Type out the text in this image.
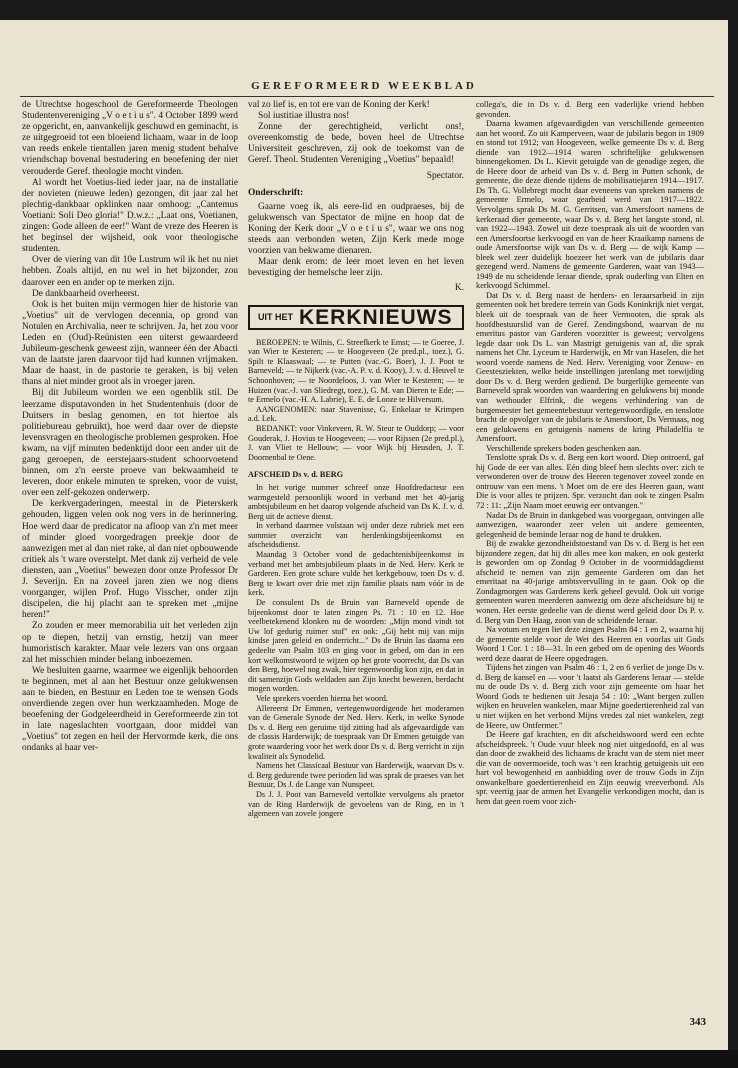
GEREFORMEERD WEEKBLAD

de Utrechtse hogeschool de Gereformeerde Theologen Studentenvereniging „V o e t i u s". 4 October 1899 werd ze opgericht, en, aanvankelijk geschuwd en geminacht, is ze uitgegroeid tot een bloeiend lichaam, waar in de loop van reeds enkele tientallen jaren menig student behalve vriendschap bovenal bestudering en beoefening der niet verouderde Geref. theologie mocht vinden.

Al wordt het Voetius-lied ieder jaar, na de installatie der novieten (nieuwe leden) gezongen, dit jaar zal het plechtig-dankbaar opklinken naar omhoog: „Cantemus Voetiani: Soli Deo gloria!" D.w.z.: „Laat ons, Voetianen, zingen: Gode alleen de eer!" Want de vreze des Heeren is het beginsel der wijsheid, ook voor theologische studenten.

Over de viering van dit 10e Lustrum wil ik het nu niet hebben. Zoals altijd, en nu wel in het bijzonder, zou daarover een en ander op te merken zijn.

De dankbaarheid overheerst.

Ook is het buiten mijn vermogen hier de historie van „Voetius" uit de vervlogen decennia, op grond van Notulen en Archivalia, neer te schrijven. Ja, het zou voor Leden en (Oud)-Reünisten een uiterst gewaardeerd Jubileum-geschenk geweest zijn, wanneer één der Abacti van de laatste jaren daarvoor tijd had kunnen vrijmaken. Maar de haast, in de pastorie te geraken, is bij velen thans al niet minder groot als in vroeger jaren.

Bij dit Jubileum worden we een ogenblik stil. De leerzame disputavonden in het Studentenhuis (door de Duitsers in beslag genomen, en tot hiertoe als politiebureau gebruikt), hoe werd daar over de diepste levensvragen en theologische problemen gesproken. Hoe kwam, na vijf minuten bedenktijd door een ander uit de gang geroepen, de eerstejaars-student schoorvoetend binnen, om z'n eerste proeve van bekwaamheid te leveren, door enkele minuten te spreken, voor de vuist, over een zelf-gekozen onderwerp.

De kerkvergaderingen, meestal in de Pieterskerk gehouden, liggen velen ook nog vers in de herinnering. Hoe werd daar de predicator na afloop van z'n met meer of minder gloed voorgedragen preekje door de aanwezigen met al dan niet rake, al dan niet opbouwende critiek als 't ware overstelpt. Met dank zij verheid de vele diensten, aan „Voetius" bewezen door onze Professor Dr J. Severijn. En na zoveel jaren zien we nog diens voorganger, wijlen Prof. Hugo Visscher, onder zijn discipelen, die hij placht aan te spreken met „mijne heren!"

Zo zouden er meer memorabilia uit het verleden zijn op te diepen, hetzij van ernstig, hetzij van meer humoristisch karakter. Maar vele lezers van ons orgaan zal het misschien minder belang inboezemen.

We besluiten gaarne, waarmee we eigenlijk behoorden te beginnen, met al aan het Bestuur onze gelukwensen aan te bieden, en Bestuur en Leden toe te wensen Gods onverdiende zegen over hun werkzaamheden. Moge de beoefening der Godgeleerdheid in Gereformeerde zin tot in late nageslachten voortgaan, door middel van „Voetius" tot zegen en heil der Hervormde kerk, die ons ondanks al haar ver-

val zo lief is, en tot ere van de Koning der Kerk!

Sol iustitiae illustra nos!

Zonne der gerechtigheid, verlicht ons!, overeenkomstig de bede, boven heel de Utrechtse Universiteit geschreven, zij ook de toekomst van de Geref. Theol. Studenten Vereniging „Voetius" bepaald!

Spectator.

Onderschrift:

Gaarne voeg ik, als eere-lid en oudpraeses, bij de gelukwensch van Spectator de mijne en hoop dat de Koning der Kerk door „V o e t i u s", waar we ons nog steeds aan verbonden weten, Zijn Kerk mede moge voorzien van bekwame dienaren.

Maar denk erom: de leer moet leven en het leven bevestiging der hemelsche leer zijn.

K.

UIT HET KERKNIEUWS

BEROEPEN: te Wilnis, C. Streefkerk te Emst; — te Goeree, J. van Wier te Kesteren; — te Hoogeveen (2e pred.pl., toez.), G. Spilt te Klaaswaal; — te Putten (vac.-G. Boer), J. J. Poot te Barneveld; — te Nijkerk (vac.-A. P. v. d. Kooy), J. v. d. Heuvel te Schoonhoven; — te Noordeloos, J. van Wier te Kesteren; — te Huizen (vac.-J. van Sliedregt, toez.), G. M. van Dieren te Ede; — te Ermelo (vac.-H. A. Labrie), E. E. de Looze te Hilversum.

AANGENOMEN: naar Stavenisse, G. Enkelaar te Krimpen a.d. Lek.

BEDANKT: voor Vinkeveen, R. W. Steur te Ouddorp; — voor Gouderak, J. Hovius te Hoogeveen; — voor Rijssen (2e pred.pl.), J. van Vliet te Hellouw; — voor Wijk bij Heusden, J. T. Doornenbal te Oene.

AFSCHEID Ds v. d. BERG

In het vorige nummer schreef onze Hoofdredacteur een warmgesteld persoonlijk woord in verband met het 40-jarig ambtsjubileum en het daarop volgende afscheid van Ds K. J. v. d. Berg uit de actieve dienst.

In verband daarmee volstaan wij onder deze rubriek met een summier overzicht van herdenkingsbijeenkomst en afscheidsdienst.

Maandag 3 October vond de gedachtenisbijeenkomst in verband met het ambtsjubileum plaats in de Ned. Herv. Kerk te Garderen. Een grote schare vulde het kerkgebouw, toen Ds v. d. Berg te kwart over drie met zijn familie plaats nam vóór in de kerk.

De consulent Ds de Bruin van Barneveld opende de bijeenkomst door te laten zingen Ps. 71 : 10 en 12. Hoe veelbetekenend klonken nu de woorden: „Mijn mond vindt tot Uw lof gedurig ruimer stof" en ook: „Gij hebt mij van mijn kindse jaren geleid en onderricht..." Ds de Bruin las daarna een gedeelte van Psalm 103 en ging voor in gebed, om dan in een kort welkomstwoord te wijzen op het grote voorrecht, dat Ds van den Berg, hoewel nog zwak, hier tegenwoordig kon zijn, en dat in dit samenzijn Gods weldaden aan Zijn knecht bewezen, herdacht mogen worden.

Vele sprekers voerden hierna het woord.

Allereerst Dr Emmen, vertegenwoordigende het moderamen van de Generale Synode der Ned. Herv. Kerk, in welke Synode Ds v. d. Berg een geruime tijd zitting had als afgevaardigde van de classis Harderwijk; de toespraak van Dr Emmen getuigde van grote waardering voor het werk door Ds v. d. Berg verricht in zijn kwaliteit als Synodelid.

Namens het Classicaal Bestuur van Harderwijk, waarvan Ds v. d. Berg gedurende twee perioden lid was sprak de praeses van het Bestuur, Ds J. de Lange van Nunspeet.

Ds J. J. Poot van Barneveld vertolkte vervolgens als praetor van de Ring Harderwijk de gevoelens van de Ring, en in 't algemeen van zovele jongere

collega's, die in Ds v. d. Berg een vaderlijke vriend hebben gevonden.

Daarna kwamen afgevaardigden van verschillende gemeenten aan het woord. Zo uit Kamperveen, waar de jubilaris begon in 1909 en stond tot 1912; van Hoogeveen, welke gemeente Ds v. d. Berg diende van 1912—1914 waren schriftelijke gelukwensen binnengekomen. Ds L. Kievit getuigde van de genadige zegen, die de Heere door de arbeid van Ds v. d. Berg in Putten schonk, de gemeente, die deze diende tijdens de mobilisatiejaren 1914—1917. Ds Th. G. Vollebregt mocht daar eveneens van spreken namens de gemeente Ermelo, waar gearbeid werd van 1917—1922. Vervolgens sprak Ds M. G. Gerritsen, van Amersfoort namens de kerkeraad dier gemeente, waar Ds v. d. Berg het langste stond, nl. van 1922—1943. Zowel uit deze toespraak als uit de woorden van een Amersfoortse kerkvoogd en van de heer Kraaikamp namens de oude Amersfoortse wijk van Ds v. d. Berg — de wijk Kamp — bleek wel zeer duidelijk hoezeer het werk van de jubilaris daar gezegend werd. Namens de gemeente Garderen, waar van 1943—1949 de nu scheidende leraar diende, sprak ouderling van Elten en kerkvoogd Schimmel.

Dat Ds v. d. Berg naast de herders- en leraarsarbeid in zijn gemeenten ook het bredere terrein van Gods Koninkrijk niet vergat, bleek uit de toespraak van de heer Vermooten, die sprak als hoofdbestuurslid van de Geref. Zendingsbond, waarvan de nu emeritus pastor van Garderen voorzitter is geweest; vervolgens legde daar ook Ds L. van Mastrigt getuigenis van af, die sprak namens het Chr. Lyceum te Harderwijk, en Mr van Haselen, die het woord voerde namens de Ned. Herv. Vereniging voor Zenuw- en Geestesziekten, welke beide instellingen jarenlang met toewijding door Ds v. d. Berg werden gediend. De burgerlijke gemeente van Barneveld sprak woorden van waardering en gelukwens bij monde van wethouder Elfrink, die wegens verhindering van de burgemeester het gemeentebestuur vertegenwoordigde, en tenslotte bracht de opvolger van de jubilaris te Amersfoort, Ds Vermaas, nog een gelukwens en getuigenis namens de kring Philadelfia te Amersfoort.

Verschillende sprekers boden geschenken aan.

Tenslotte sprak Ds v. d. Berg een kort woord. Diep ontroerd, gaf hij Gode de eer van alles. Eén ding bleef hem slechts over: zich te verwonderen over de trouw des Heeren tegenover zoveel zonde en ontrouw van een mens. 't Moet om de ere des Heeren gaan, want Die is voor alles te prijzen. Spr. verzocht dan ook te zingen Psalm 72 : 11: „Zijn Naam moet eeuwig eer ontvangen."

Nadat Ds de Bruin in dankgebed was voorgegaan, ontvingen alle aanwezigen, waaronder zeer velen uit andere gemeenten, gelegenheid de beminde leraar nog de hand te drukken.

Bij de zwakke gezondheidstoestand van Ds v. d. Berg is het een bijzondere zegen, dat hij dit alles mee kon maken, en ook gesterkt is geworden om op Zondag 9 October in de voormiddagdienst afscheid te nemen van zijn gemeente Garderen om dan het emeritaat na 40-jarige ambtsvervulling in te gaan. Ook op die Zondagmorgen was Garderens kerk geheel gevuld. Ook uit vorige gemeenten waren meerderen aanwezig om deze afscheidsure bij te wonen. Het eerste gedeelte van de dienst werd geleid door Ds P. v. d. Berg van Den Haag, zoon van de scheidende leraar.

Na votum en tegen liet deze zingen Psalm 84 : 1 en 2, waarna hij de gemeente stelde voor de Wet des Heeren en voorlas uit Gods Woord 1 Cor. 1 : 18—31. In een gebed om de opening des Woords werd deze daarat de Heere opgedragen.

Tijdens het zingen van Psalm 46 : 1, 2 en 6 verliet de jonge Ds v. d. Berg de kansel en — voor 't laatst als Garderens leraar — stelde nu de oude Ds v. d. Berg zich voor zijn gemeente om haar het Woord Gods te bedienen uit Jesaja 54 : 10: „Want bergen zullen wijken en heuvelen wankelen, maar Mijne goedertierenheid zal van u niet wijken en het verbond Mijns vredes zal niet wankelen, zegt de Heere, uw Ontfermer."

De Heere gaf krachten, en dit afscheidswoord werd een echte afscheidspreek. 't Oude vuur bleek nog niet uitgedoofd, en al was dan door de zwakheid des lichaams de kracht van de stem niet meer die van de onvermoeide, toch was 't een krachtig getuigenis uit een hart vol bewogenheid en aanbidding over de trouw Gods in Zijn onwankelbare goedertierenheid en Zijn eeuwig vreeverbond. Als spr. veertig jaar de armen het Evangelie verkondigen mocht, dan is hem dat geen roem voor zich-

343
